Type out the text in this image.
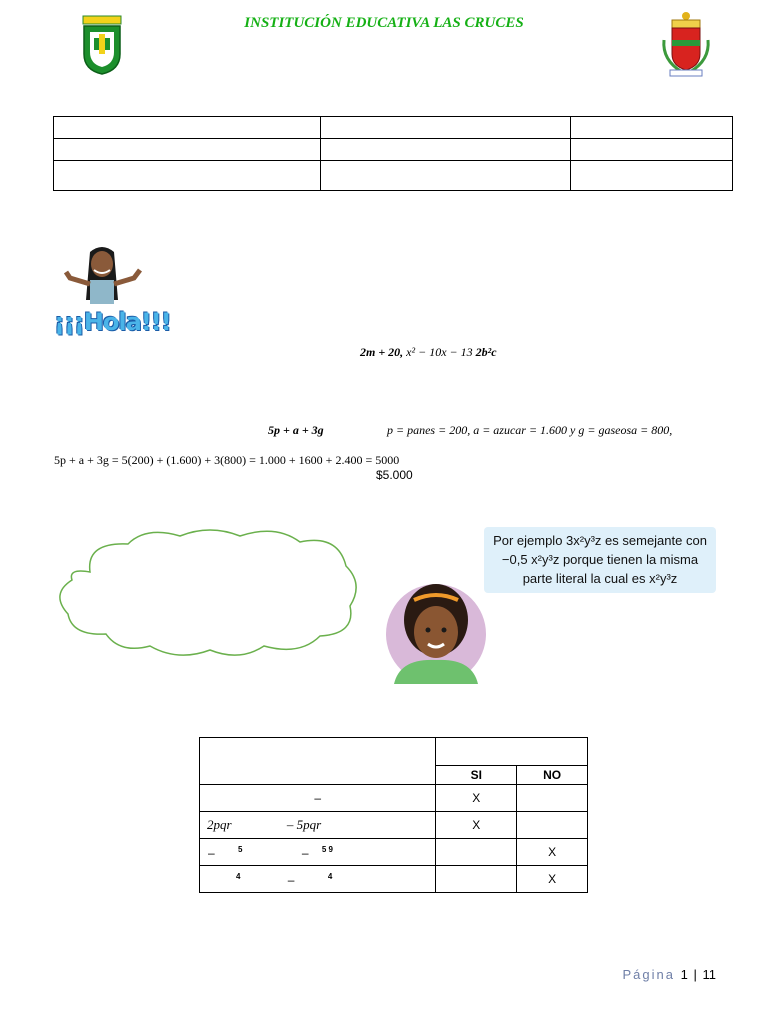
INSTITUCIÓN EDUCATIVA LAS CRUCES

¡¡¡Hola!!!
2m + 20, x² − 10x − 13 2b²c
5p + a + 3g	p = panes = 200, a = azucar = 1.600 y g = gaseosa = 800,
5p + a + 3g = 5(200) + (1.600) + 3(800) = 1.000 + 1600 + 2.400 = 5000
$5.000
Por ejemplo 3x²y³z es semejante con
−0,5 x²y³z porque tienen la misma
parte literal la cual es x²y³z

	SI	NO
–	X	
2pqr – 5pqr	X	
– $^5$ – $^{5 9}$		X
$^4$ – $^4$		X
Página 1 | 11
